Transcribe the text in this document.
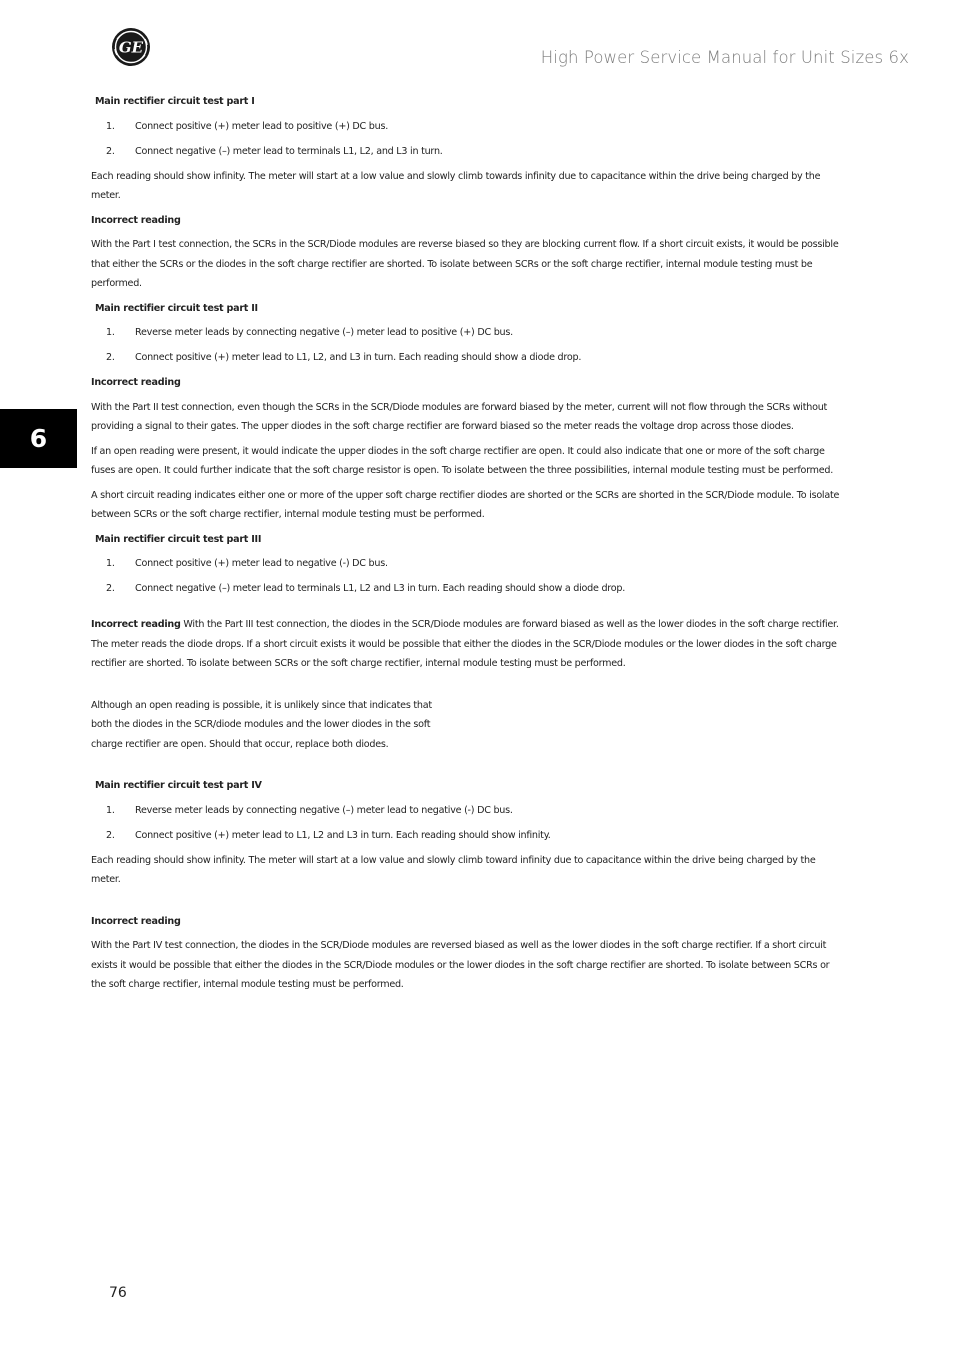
GE
High Power Service Manual for Unit Sizes 6x
6

Main rectifier circuit test part I

1. Connect positive (+) meter lead to positive (+) DC bus.
2. Connect negative (–) meter lead to terminals L1, L2, and L3 in turn.

Each reading should show infinity. The meter will start at a low value and slowly climb towards infinity due to capacitance within the drive being charged by the meter.

Incorrect reading

With the Part I test connection, the SCRs in the SCR/Diode modules are reverse biased so they are blocking current flow. If a short circuit exists, it would be possible that either the SCRs or the diodes in the soft charge rectifier are shorted. To isolate between SCRs or the soft charge rectifier, internal module testing must be performed.

Main rectifier circuit test part II

1. Reverse meter leads by connecting negative (–) meter lead to positive (+) DC bus.
2. Connect positive (+) meter lead to L1, L2, and L3 in turn. Each reading should show a diode drop.

Incorrect reading

With the Part II test connection, even though the SCRs in the SCR/Diode modules are forward biased by the meter, current will not flow through the SCRs without providing a signal to their gates. The upper diodes in the soft charge rectifier are forward biased so the meter reads the voltage drop across those diodes.

If an open reading were present, it would indicate the upper diodes in the soft charge rectifier are open. It could also indicate that one or more of the soft charge fuses are open. It could further indicate that the soft charge resistor is open. To isolate between the three possibilities, internal module testing must be performed.

A short circuit reading indicates either one or more of the upper soft charge rectifier diodes are shorted or the SCRs are shorted in the SCR/Diode module. To isolate between SCRs or the soft charge rectifier, internal module testing must be performed.

Main rectifier circuit test part III

1. Connect positive (+) meter lead to negative (-) DC bus.
2. Connect negative (–) meter lead to terminals L1, L2 and L3 in turn. Each reading should show a diode drop.

Incorrect reading With the Part III test connection, the diodes in the SCR/Diode modules are forward biased as well as the lower diodes in the soft charge rectifier. The meter reads the diode drops. If a short circuit exists it would be possible that either the diodes in the SCR/Diode modules or the lower diodes in the soft charge rectifier are shorted. To isolate between SCRs or the soft charge rectifier, internal module testing must be performed.

Although an open reading is possible, it is unlikely since that indicates that both the diodes in the SCR/diode modules and the lower diodes in the soft charge rectifier are open. Should that occur, replace both diodes.

Main rectifier circuit test part IV

1. Reverse meter leads by connecting negative (–) meter lead to negative (-) DC bus.
2. Connect positive (+) meter lead to L1, L2 and L3 in turn. Each reading should show infinity.

Each reading should show infinity. The meter will start at a low value and slowly climb toward infinity due to capacitance within the drive being charged by the meter.

Incorrect reading

With the Part IV test connection, the diodes in the SCR/Diode modules are reversed biased as well as the lower diodes in the soft charge rectifier. If a short circuit exists it would be possible that either the diodes in the SCR/Diode modules or the lower diodes in the soft charge rectifier are shorted. To isolate between SCRs or the soft charge rectifier, internal module testing must be performed.

76
